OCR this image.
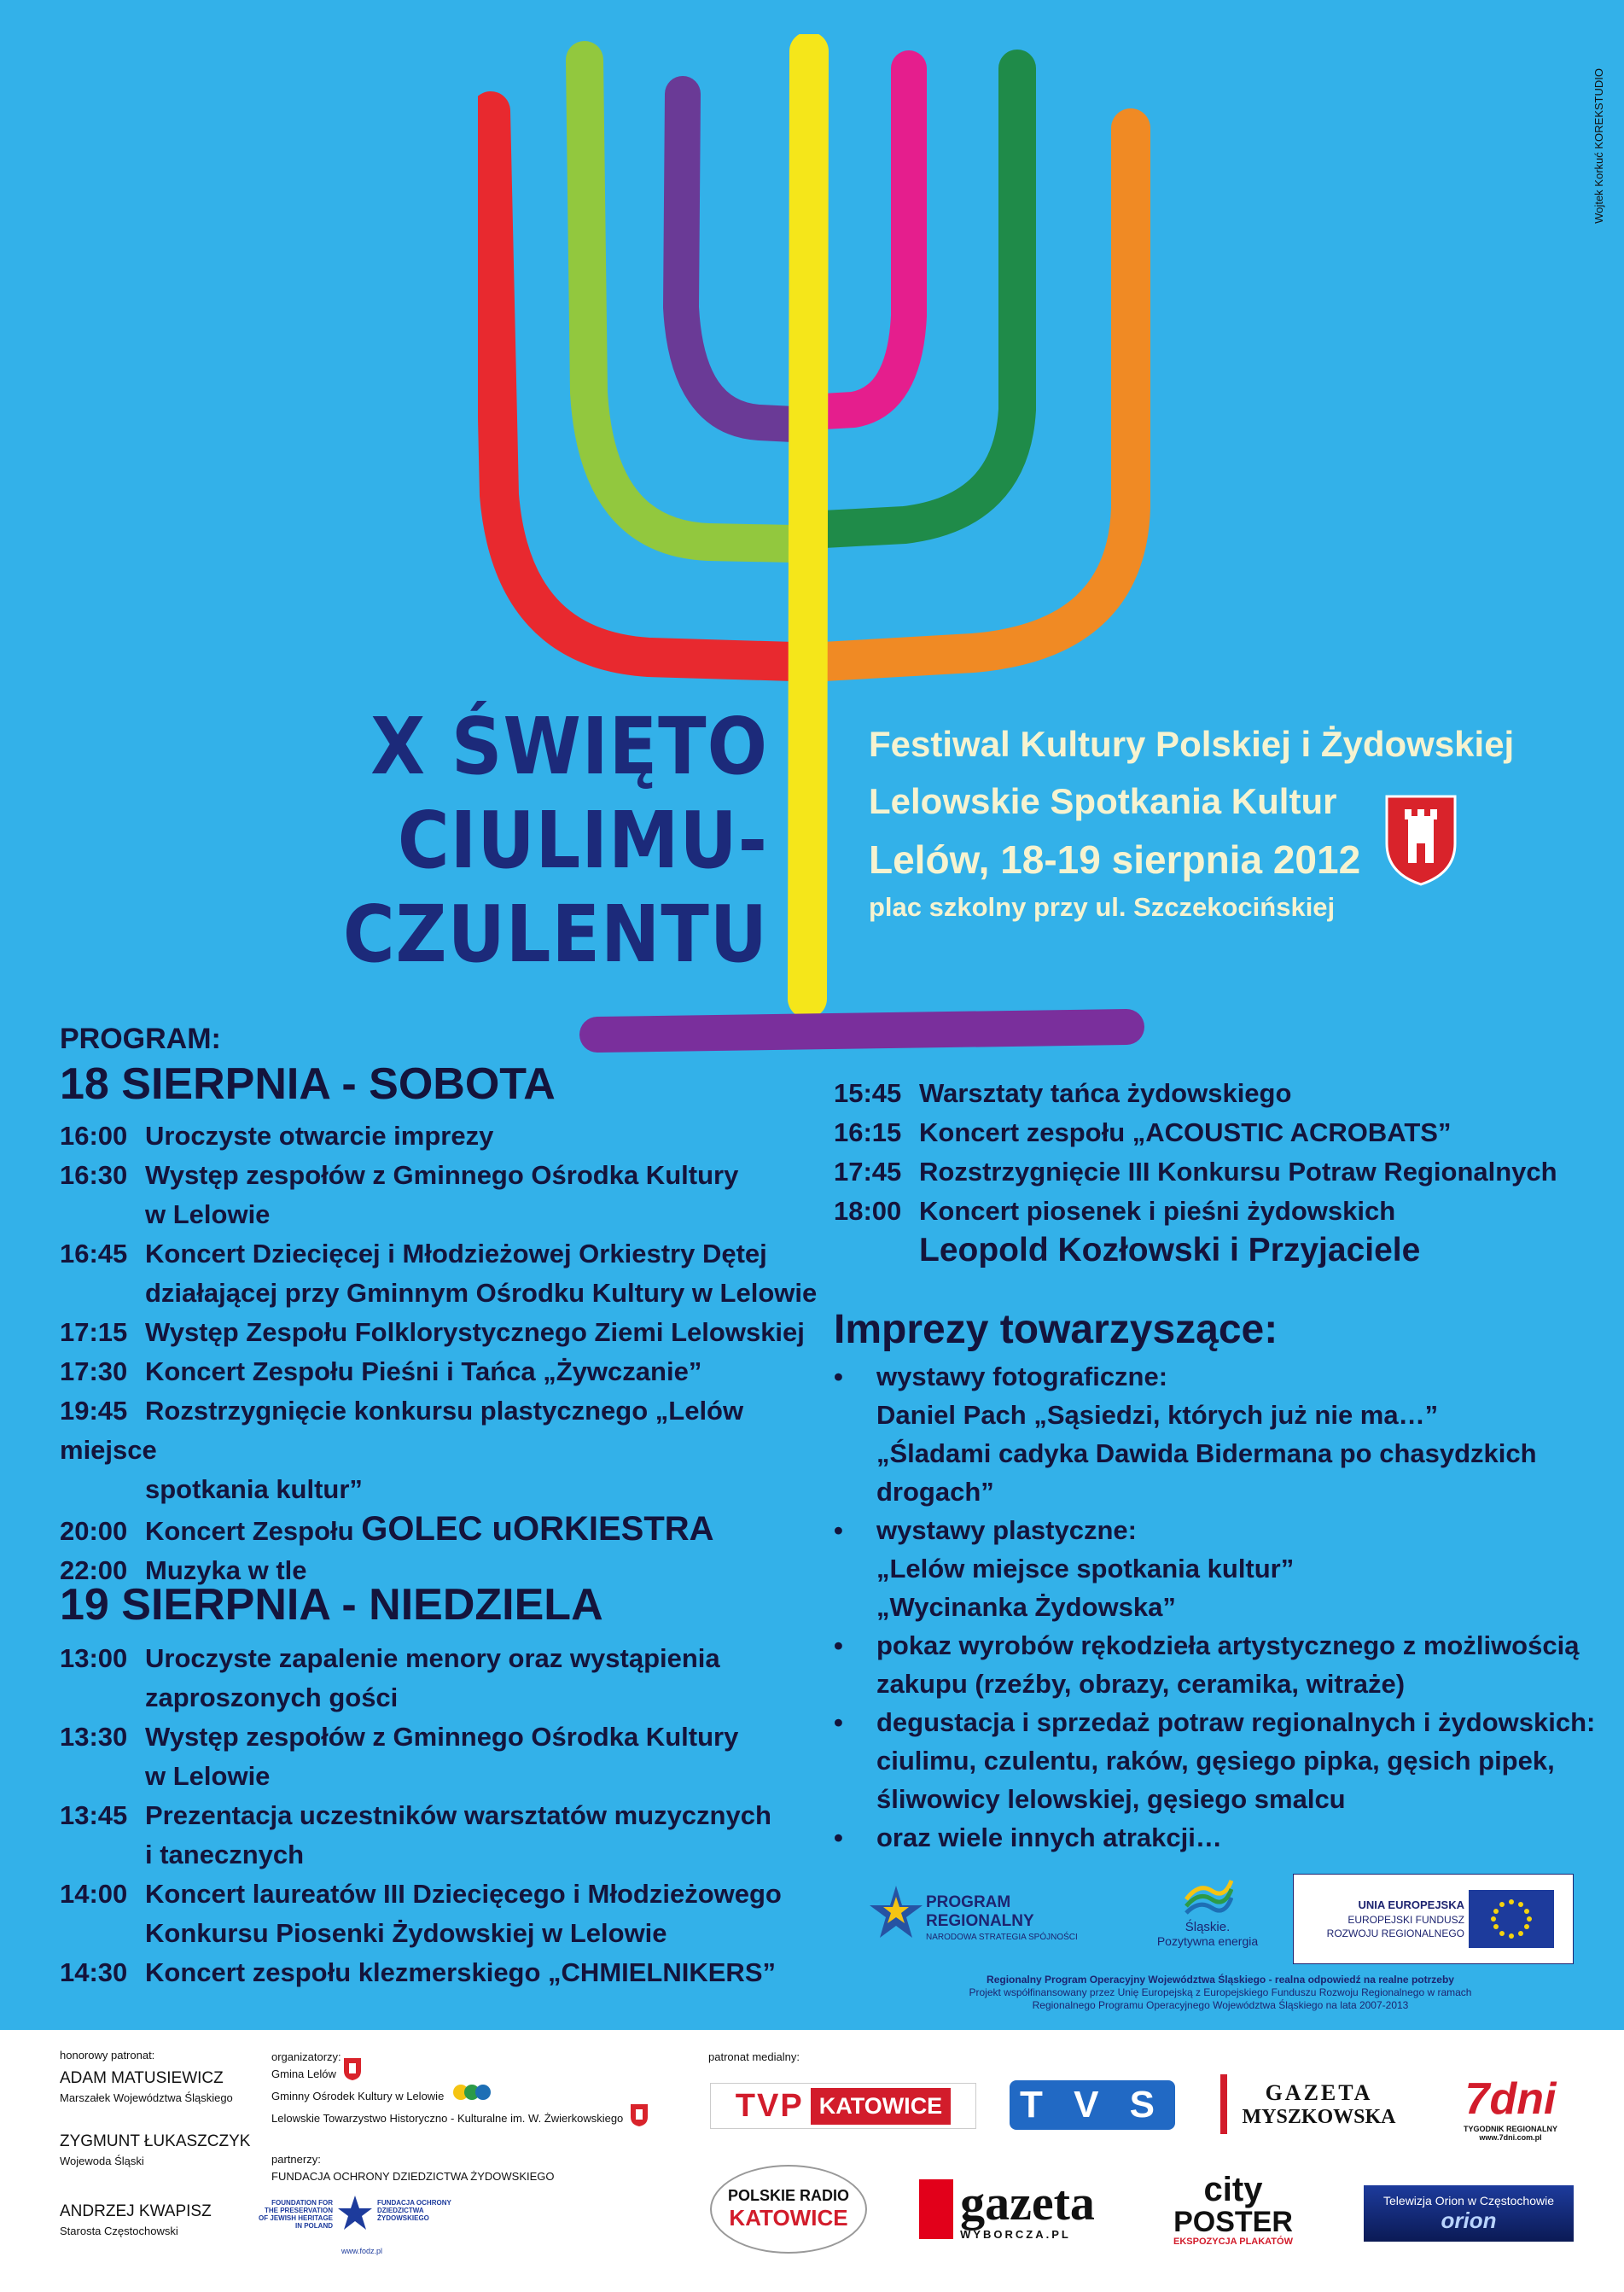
Wojtek Korkuć KOREKSTUDIO
X ŚWIĘTO
CIULIMU-CZULENTU
Festiwal Kultury Polskiej i Żydowskiej
Lelowskie Spotkania Kultur
Lelów, 18-19 sierpnia 2012
plac szkolny przy ul. Szczekocińskiej
PROGRAM:
18 SIERPNIA - SOBOTA
16:00 Uroczyste otwarcie imprezy
16:30 Występ zespołów z Gminnego Ośrodka Kultury
w Lelowie
16:45 Koncert Dziecięcej i Młodzieżowej Orkiestry Dętej
działającej przy Gminnym Ośrodku Kultury w Lelowie
17:15 Występ Zespołu Folklorystycznego Ziemi Lelowskiej
17:30 Koncert Zespołu Pieśni i Tańca „Żywczanie”
19:45 Rozstrzygnięcie konkursu plastycznego „Lelów miejsce
spotkania kultur”
20:00 Koncert Zespołu GOLEC uORKIESTRA
22:00 Muzyka w tle
19 SIERPNIA - NIEDZIELA
13:00 Uroczyste zapalenie menory oraz wystąpienia
zaproszonych gości
13:30 Występ zespołów z Gminnego Ośrodka Kultury
w Lelowie
13:45 Prezentacja uczestników warsztatów muzycznych
i tanecznych
14:00 Koncert laureatów III Dziecięcego i Młodzieżowego
Konkursu Piosenki Żydowskiej w Lelowie
14:30 Koncert zespołu klezmerskiego „CHMIELNIKERS”
15:45 Warsztaty tańca żydowskiego
16:15 Koncert zespołu „ACOUSTIC ACROBATS”
17:45 Rozstrzygnięcie III Konkursu Potraw Regionalnych
18:00 Koncert piosenek i pieśni żydowskich
Leopold Kozłowski i Przyjaciele
Imprezy towarzyszące:
• wystawy fotograficzne:
Daniel Pach „Sąsiedzi, których już nie ma…”
„Śladami cadyka Dawida Bidermana po chasydzkich
drogach”
• wystawy plastyczne:
„Lelów miejsce spotkania kultur”
„Wycinanka Żydowska”
• pokaz wyrobów rękodzieła artystycznego z możliwością
zakupu (rzeźby, obrazy, ceramika, witraże)
• degustacja i sprzedaż potraw regionalnych i żydowskich:
ciulimu, czulentu, raków, gęsiego pipka, gęsich pipek,
śliwowicy lelowskiej, gęsiego smalcu
• oraz wiele innych atrakcji…
PROGRAM
REGIONALNY
NARODOWA STRATEGIA SPÓJNOŚCI
Śląskie.
Pozytywna energia
UNIA EUROPEJSKA
EUROPEJSKI FUNDUSZ
ROZWOJU REGIONALNEGO
Regionalny Program Operacyjny Województwa Śląskiego - realna odpowiedź na realne potrzeby
Projekt współfinansowany przez Unię Europejską z Europejskiego Funduszu Rozwoju Regionalnego w ramach
Regionalnego Programu Operacyjnego Województwa Śląskiego na lata 2007-2013
honorowy patronat:
ADAM MATUSIEWICZ
Marszałek Województwa Śląskiego
ZYGMUNT ŁUKASZCZYK
Wojewoda Śląski
ANDRZEJ KWAPISZ
Starosta Częstochowski
organizatorzy:
Gmina Lelów
Gminny Ośrodek Kultury w Lelowie
Lelowskie Towarzystwo Historyczno - Kulturalne im. W. Żwierkowskiego
partnerzy:
FUNDACJA OCHRONY DZIEDZICTWA ŻYDOWSKIEGO
FOUNDATION FOR THE PRESERVATION OF JEWISH HERITAGE IN POLAND
FUNDACJA OCHRONY DZIEDZICTWA ŻYDOWSKIEGO
www.fodz.pl
patronat medialny:
TVP KATOWICE T V S	GAZETA
MYSZKOWSKA 7dni
TYGODNIK REGIONALNY
www.7dni.com.pl
POLSKIE RADIO
KATOWICE gazeta
WYBORCZA.PL
city
POSTER
EKSPOZYCJA PLAKATÓW
Telewizja Orion w Częstochowie
orion
